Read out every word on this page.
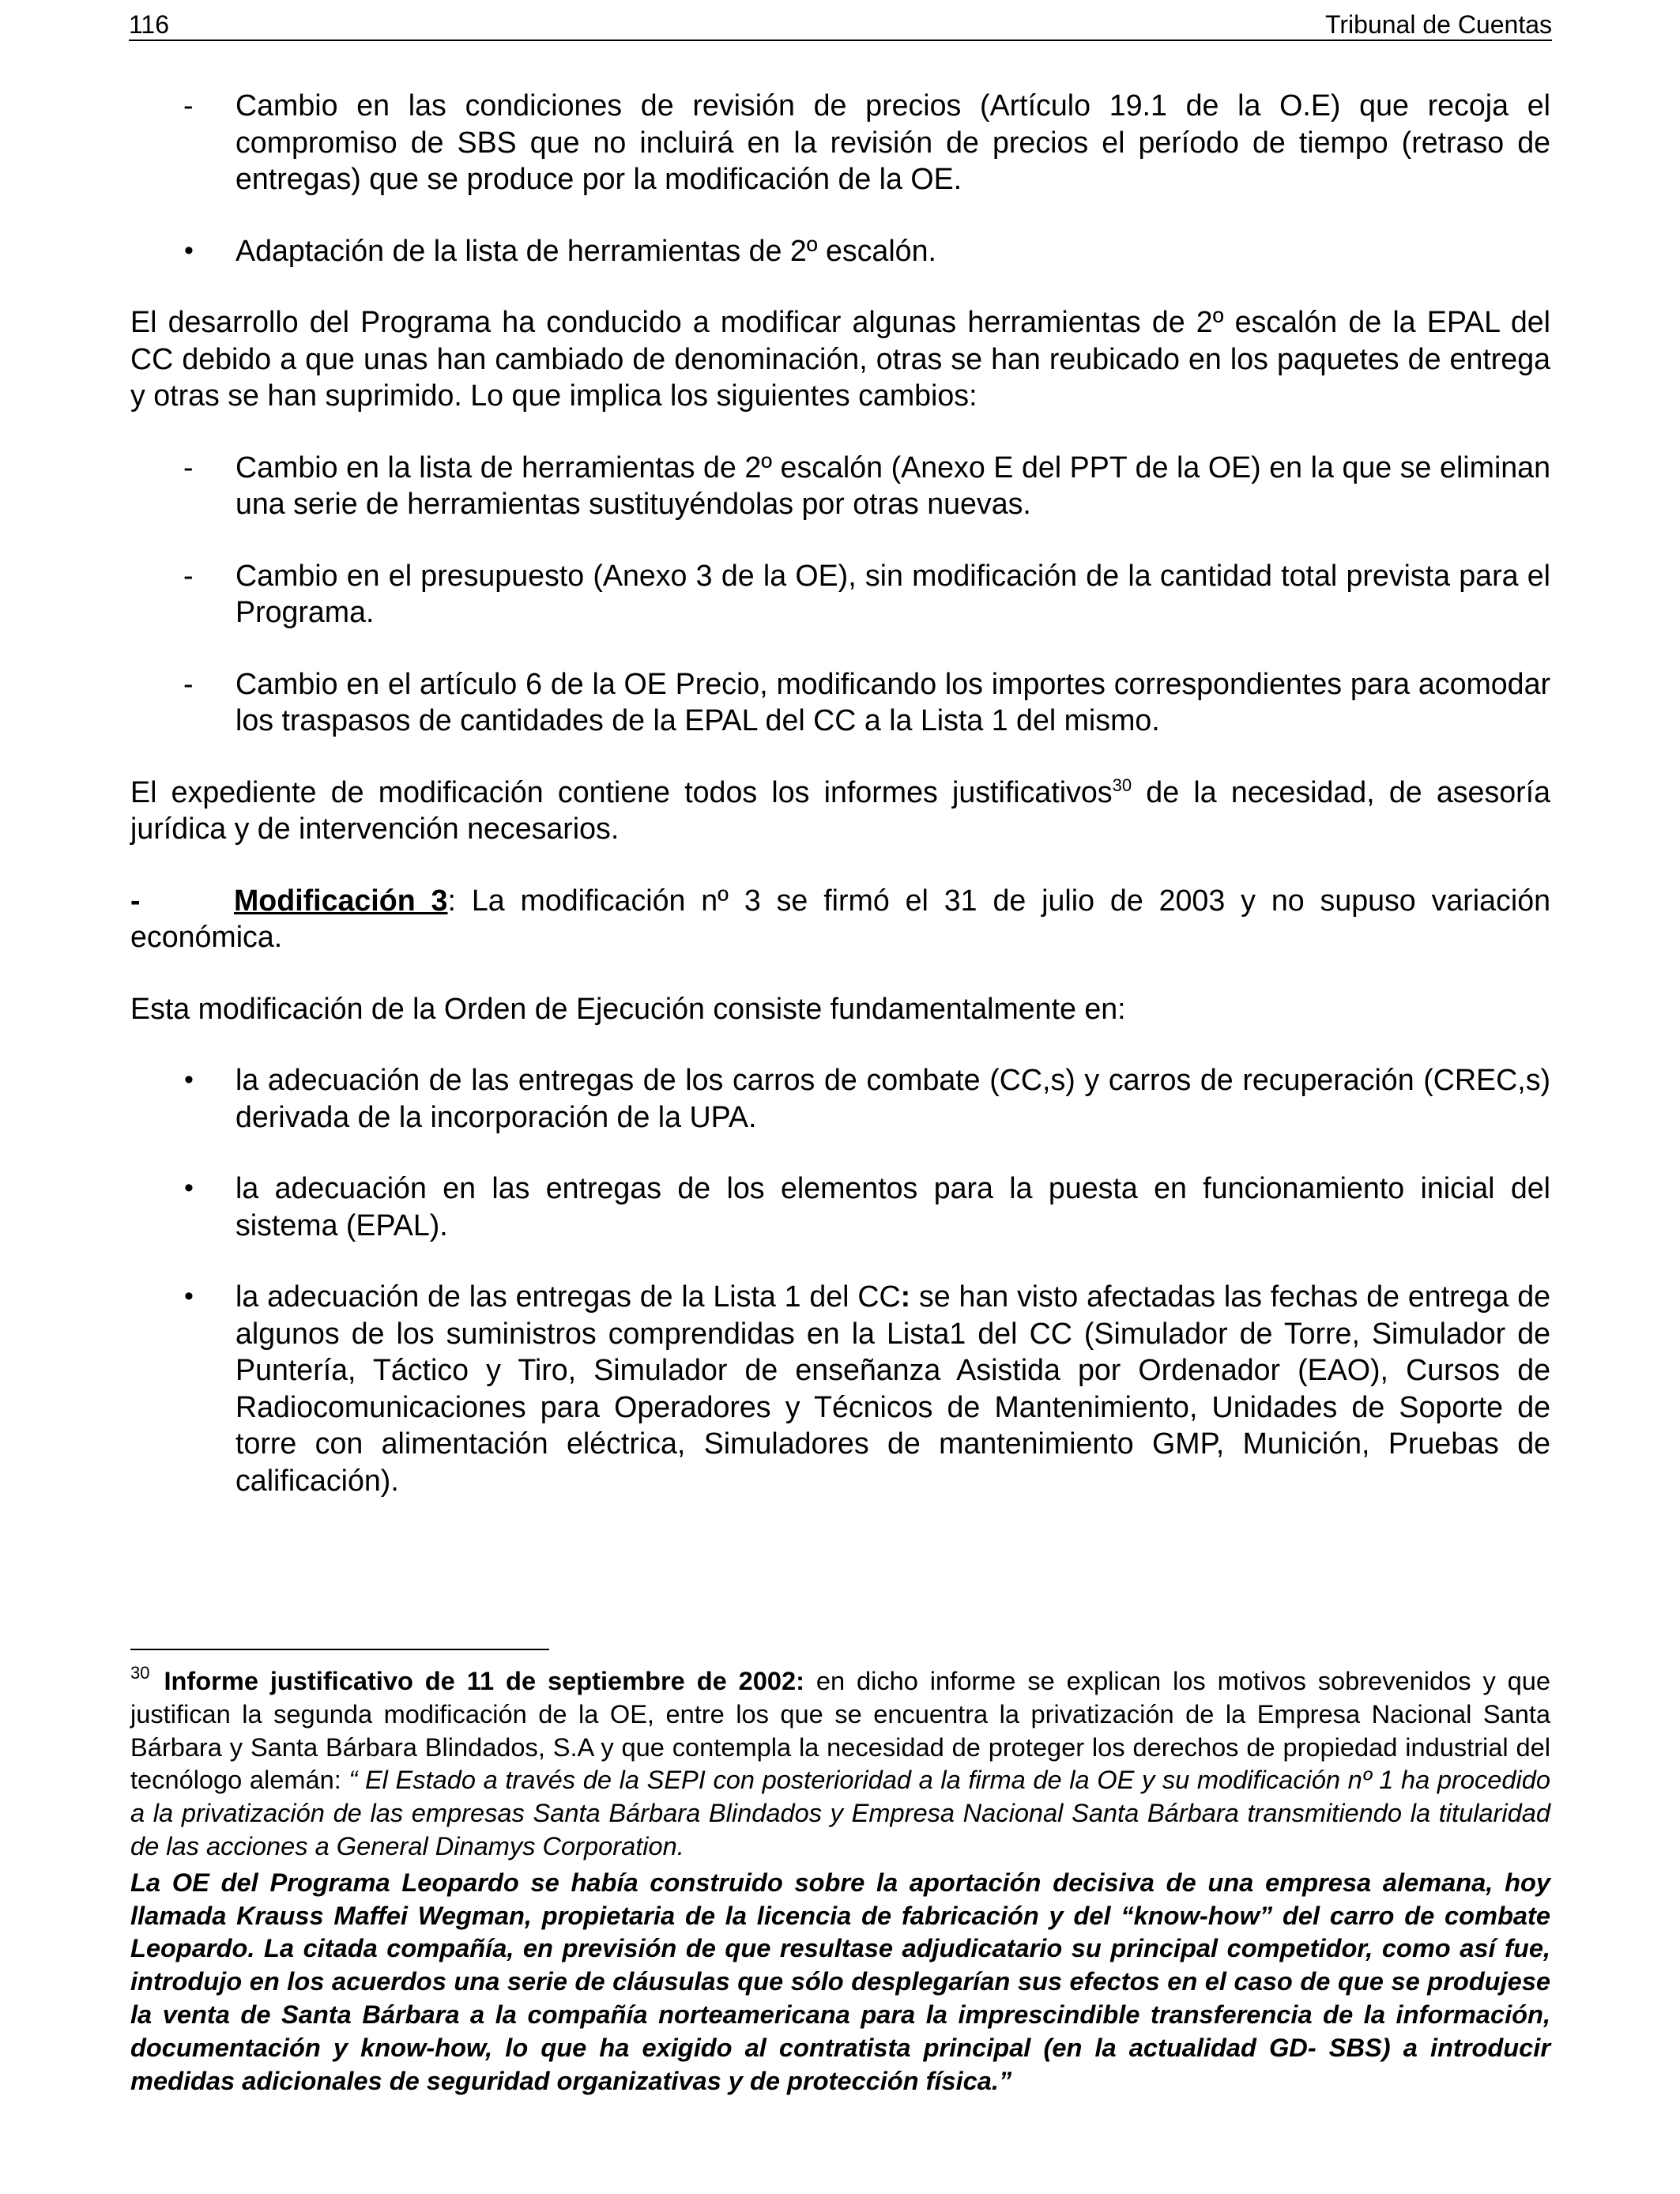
116	Tribunal de Cuentas

- Cambio en las condiciones de revisión de precios (Artículo 19.1 de la O.E) que recoja el compromiso de SBS que no incluirá en la revisión de precios el período de tiempo (retraso de entregas) que se produce por la modificación de la OE.

• Adaptación de la lista de herramientas de 2º escalón.

El desarrollo del Programa ha conducido a modificar algunas herramientas de 2º escalón de la EPAL del CC debido a que unas han cambiado de denominación, otras se han reubicado en los paquetes de entrega y otras se han suprimido. Lo que implica los siguientes cambios:

- Cambio en la lista de herramientas de 2º escalón (Anexo E del PPT de la OE) en la que se eliminan una serie de herramientas sustituyéndolas por otras nuevas.

- Cambio en el presupuesto (Anexo 3 de la OE), sin modificación de la cantidad total prevista para el Programa.

- Cambio en el artículo 6 de la OE Precio, modificando los importes correspondientes para acomodar los traspasos de cantidades de la EPAL del CC a la Lista 1 del mismo.

El expediente de modificación contiene todos los informes justificativos$^{30}$ de la necesidad, de asesoría jurídica y de intervención necesarios.

-	Modificación 3: La modificación nº 3 se firmó el 31 de julio de 2003 y no supuso variación económica.

Esta modificación de la Orden de Ejecución consiste fundamentalmente en:

• la adecuación de las entregas de los carros de combate (CC,s) y carros de recuperación (CREC,s) derivada de la incorporación de la UPA.

• la adecuación en las entregas de los elementos para la puesta en funcionamiento inicial del sistema (EPAL).

• la adecuación de las entregas de la Lista 1 del CC: se han visto afectadas las fechas de entrega de algunos de los suministros comprendidas en la Lista1 del CC (Simulador de Torre, Simulador de Puntería, Táctico y Tiro, Simulador de enseñanza Asistida por Ordenador (EAO), Cursos de Radiocomunicaciones para Operadores y Técnicos de Mantenimiento, Unidades de Soporte de torre con alimentación eléctrica, Simuladores de mantenimiento GMP, Munición, Pruebas de calificación).

$^{30}$ Informe justificativo de 11 de septiembre de 2002: en dicho informe se explican los motivos sobrevenidos y que justifican la segunda modificación de la OE, entre los que se encuentra la privatización de la Empresa Nacional Santa Bárbara y Santa Bárbara Blindados, S.A y que contempla la necesidad de proteger los derechos de propiedad industrial del tecnólogo alemán: “ El Estado a través de la SEPI con posterioridad a la firma de la OE y su modificación nº 1 ha procedido a la privatización de las empresas Santa Bárbara Blindados y Empresa Nacional Santa Bárbara transmitiendo la titularidad de las acciones a General Dinamys Corporation.

La OE del Programa Leopardo se había construido sobre la aportación decisiva de una empresa alemana, hoy llamada Krauss Maffei Wegman, propietaria de la licencia de fabricación y del “know-how” del carro de combate Leopardo. La citada compañía, en previsión de que resultase adjudicatario su principal competidor, como así fue, introdujo en los acuerdos una serie de cláusulas que sólo desplegarían sus efectos en el caso de que se produjese la venta de Santa Bárbara a la compañía norteamericana para la imprescindible transferencia de la información, documentación y know-how, lo que ha exigido al contratista principal (en la actualidad GD- SBS) a introducir medidas adicionales de seguridad organizativas y de protección física.”
